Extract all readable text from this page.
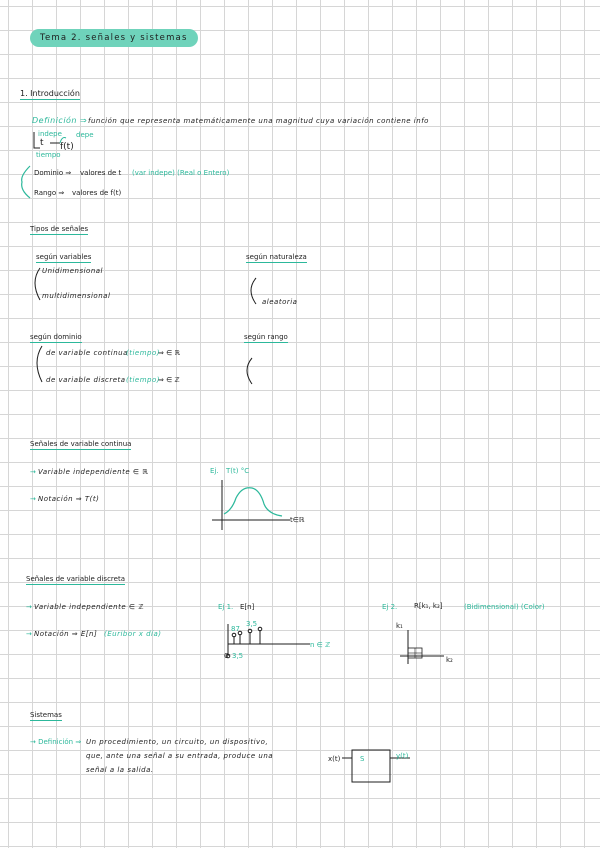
Tema 2. señales y sistemas
1. Introducción
Definición ⇒ función que representa matemáticamente una magnitud cuya variación contiene info
indepe depe
tiempo
t f(t)
Dominio ⇒ valores de t (var indepe) (Real o Entero)
Rango ⇒ valores de f(t)
Tipos de señales
según variables
Unidimensional
multidimensional
según naturaleza
aleatoria
según dominio
de variable continua
(tiempo)
⇒ ∈ ℝ
de variable discreta (tiempo)
⇒ ∈ ℤ
según rango
Señales de variable continua
→ Variable independiente ∈ ℝ
→ Notación ⇒ T(t)
Ej. T(t) °C
t∈ℝ
Señales de variable discreta
→ Variable independiente ∈ ℤ
→ Notación ⇒ E[n] (Euribor x día)
Ej 1. E[n]
87
3,5
0 3,5
n ∈ ℤ
Ej 2. R[k₁, k₂]	(Bidimensional) (Color)
k₁
k₂
Sistemas
→ Definición ⇒ Un procedimiento, un circuito, un dispositivo,
que, ante una señal a su entrada, produce una
señal a la salida.
x(t)	S	y(t)
